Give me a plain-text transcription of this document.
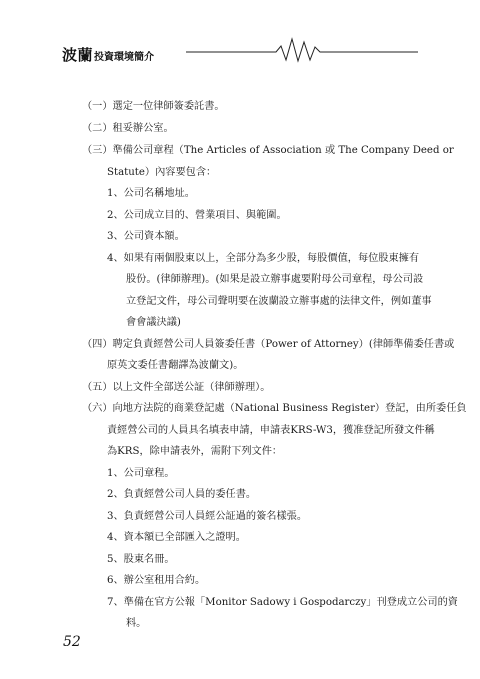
波蘭投資環境簡介
（一）選定一位律師簽委託書。
（二）租妥辦公室。
（三）準備公司章程（The Articles of Association 或 The Company Deed or
Statute）內容要包含：
1、公司名稱地址。
2、公司成立目的、營業項目、與範圍。
3、公司資本額。
4、如果有兩個股東以上，全部分為多少股，每股價值，每位股東擁有
股份。(律師辦理)。(如果是設立辦事處要附母公司章程，母公司設
立登記文件，母公司聲明要在波蘭設立辦事處的法律文件，例如董事
會會議決議)
（四）聘定負責經營公司人員簽委任書（Power of Attorney）(律師準備委任書或
原英文委任書翻譯為波蘭文)。
（五）以上文件全部送公証（律師辦理）。
（六）向地方法院的商業登記處（National Business Register）登記，由所委任負
責經營公司的人員具名填表申請，申請表KRS-W3，獲准登記所發文件稱
為KRS，除申請表外，需附下列文件：
1、公司章程。
2、負責經營公司人員的委任書。
3、負責經營公司人員經公証過的簽名樣張。
4、資本額已全部匯入之證明。
5、股東名冊。
6、辦公室租用合約。
7、準備在官方公報「Monitor Sadowy i Gospodarczy」刊登成立公司的資
料。
52
